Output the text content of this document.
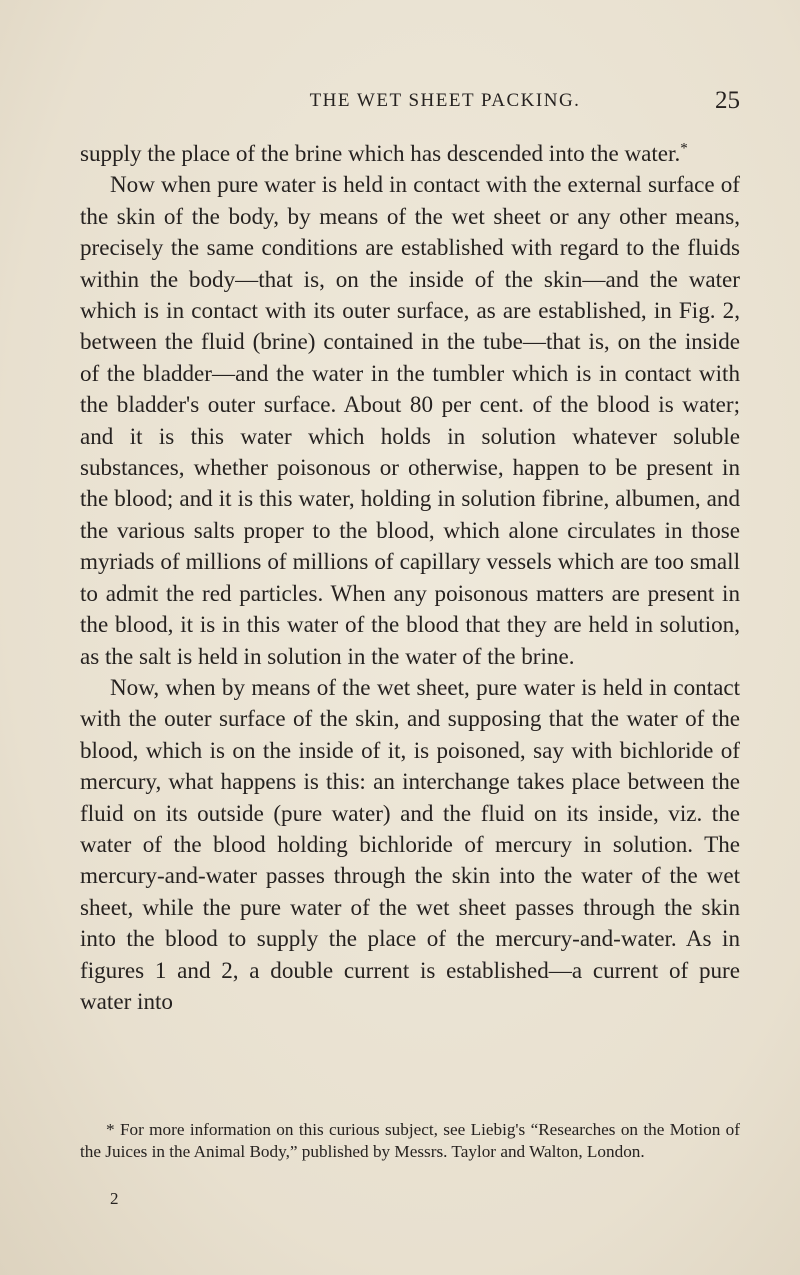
THE WET SHEET PACKING.	25

supply the place of the brine which has descended into the water.*

Now when pure water is held in contact with the external surface of the skin of the body, by means of the wet sheet or any other means, precisely the same conditions are established with regard to the fluids within the body—that is, on the inside of the skin—and the water which is in contact with its outer surface, as are established, in Fig. 2, between the fluid (brine) contained in the tube—that is, on the inside of the bladder—and the water in the tumbler which is in contact with the bladder's outer surface. About 80 per cent. of the blood is water; and it is this water which holds in solution whatever soluble substances, whether poisonous or otherwise, happen to be present in the blood; and it is this water, holding in solution fibrine, albumen, and the various salts proper to the blood, which alone circulates in those myriads of millions of millions of capillary vessels which are too small to admit the red particles. When any poisonous matters are present in the blood, it is in this water of the blood that they are held in solution, as the salt is held in solution in the water of the brine.

Now, when by means of the wet sheet, pure water is held in contact with the outer surface of the skin, and supposing that the water of the blood, which is on the inside of it, is poisoned, say with bichloride of mercury, what happens is this: an interchange takes place between the fluid on its outside (pure water) and the fluid on its inside, viz. the water of the blood holding bichloride of mercury in solution. The mercury-and-water passes through the skin into the water of the wet sheet, while the pure water of the wet sheet passes through the skin into the blood to supply the place of the mercury-and-water. As in figures 1 and 2, a double current is established—a current of pure water into

* For more information on this curious subject, see Liebig's “Researches on the Motion of the Juices in the Animal Body,” published by Messrs. Taylor and Walton, London.

2
